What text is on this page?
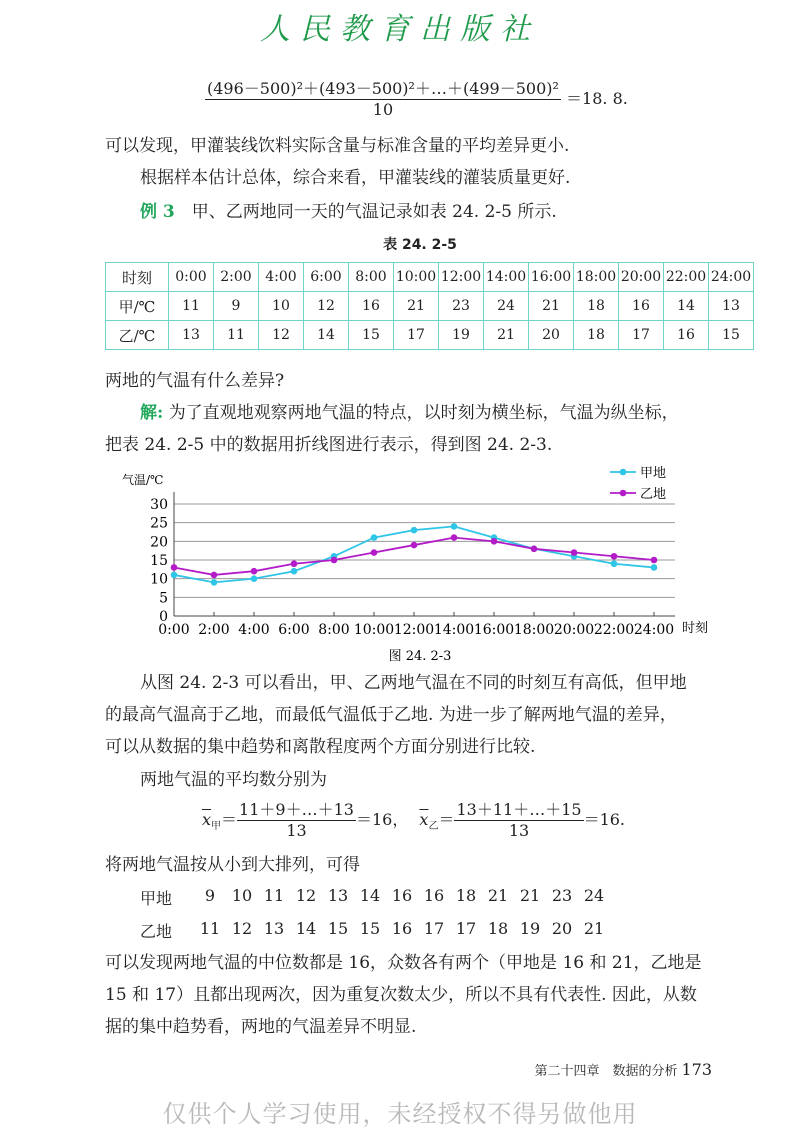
人民教育出版社
$\frac{\text{(496－500)²＋(493－500)²＋…＋(499－500)²}}{10} =18$. 8.
可以发现，甲灌装线饮料实际含量与标准含量的平均差异更小.
根据样本估计总体，综合来看，甲灌装线的灌装质量更好.
例 3　 甲、乙两地同一天的气温记录如表 24. 2-5 所示.
表 24. 2-5
时刻	0:00	2:00	4:00	6:00	8:00	10:00	12:00	14:00	16:00	18:00	20:00	22:00	24:00
甲/℃	11	9	10	12	16	21	23	24	21	18	16	14	13
乙/℃	13	11	12	14	15	17	19	21	20	18	17	16	15
两地的气温有什么差异?
解: 为了直观地观察两地气温的特点，以时刻为横坐标，气温为纵坐标，
把表 24. 2-5 中的数据用折线图进行表示，得到图 24. 2-3.
气温/℃
时刻
0
5
10
15
20
25
30
0:00 2:00 4:00 6:00 8:00 10:00 12:00 14:00 16:00 18:00 20:00 22:00 24:00
甲地
乙地
图 24. 2-3
从图 24. 2-3 可以看出，甲、乙两地气温在不同的时刻互有高低，但甲地
的最高气温高于乙地，而最低气温低于乙地. 为进一步了解两地气温的差异，
可以从数据的集中趋势和离散程度两个方面分别进行比较.
两地气温的平均数分别为
$\overline{x}_甲= \frac{11+9+\dots+13}{13} =16$， $\overline{x}_乙= \frac{13+11+\dots+15}{13} =16$.
将两地气温按从小到大排列，可得
甲地	9	10 11 12 13 14 16 16 18 21 21 23 24
乙地	11 12 13 14 15 15 16 17 17 18 19 20 21
可以发现两地气温的中位数都是 16，众数各有两个（甲地是 16 和 21，乙地是
15 和 17）且都出现两次，因为重复次数太少，所以不具有代表性. 因此，从数
据的集中趋势看，两地的气温差异不明显.
第二十四章　数据的分析 173
仅供个人学习使用，未经授权不得另做他用
